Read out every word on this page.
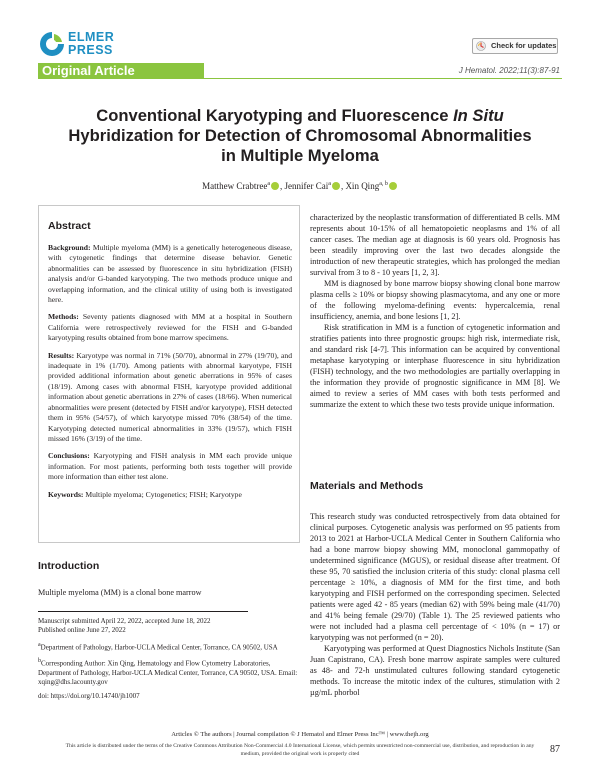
ELMER
PRESS	Check for updates
Original Article	J Hematol. 2022;11(3):87-91
Conventional Karyotyping and Fluorescence In Situ
Hybridization for Detection of Chromosomal Abnormalities in Multiple Myeloma
Matthew Crabtree$^a$ , Jennifer Cai$^a$ , Xin Qing$^{a, b}$
Abstract

Background: Multiple myeloma (MM) is a genetically heterogeneous disease, with cytogenetic findings that determine disease behavior. Genetic abnormalities can be assessed by fluorescence in situ hybridization (FISH) analysis and/or G-banded karyotyping. The two methods produce unique and overlapping information, and the clinical utility of using both is investigated here.

Methods: Seventy patients diagnosed with MM at a hospital in Southern California were retrospectively reviewed for the FISH and G-banded karyotyping results obtained from bone marrow specimens.

Results: Karyotype was normal in 71% (50/70), abnormal in 27% (19/70), and inadequate in 1% (1/70). Among patients with abnormal karyotype, FISH provided additional information about genetic aberrations in 95% of cases (18/19). Among cases with abnormal FISH, karyotype provided additional information about genetic aberrations in 27% of cases (18/66). When numerical abnormalities were present (detected by FISH and/or karyotype), FISH detected them in 95% (54/57), of which karyotype missed 70% (38/54) of the time. Karyotyping detected numerical abnormalities in 33% (19/57), which FISH missed 16% (3/19) of the time.

Conclusions: Karyotyping and FISH analysis in MM each provide unique information. For most patients, performing both tests together will provide more information than either test alone.

Keywords: Multiple myeloma; Cytogenetics; FISH; Karyotype

Introduction
Multiple myeloma (MM) is a clonal bone marrow

Manuscript submitted April 22, 2022, accepted June 18, 2022
Published online June 27, 2022

aDepartment of Pathology, Harbor-UCLA Medical Center, Torrance, CA 90502, USA

bCorresponding Author: Xin Qing, Hematology and Flow Cytometry Laboratories, Department of Pathology, Harbor-UCLA Medical Center, Torrance, CA 90502, USA. Email: xqing@dhs.lacounty.gov

doi: https://doi.org/10.14740/jh1007

characterized by the neoplastic transformation of differentiated B cells. MM represents about 10-15% of all hematopoietic neoplasms and 1% of all cancer cases. The median age at diagnosis is 60 years old. Prognosis has been steadily improving over the last two decades alongside the introduction of new therapeutic strategies, which has prolonged the median survival from 3 to 8 - 10 years [1, 2, 3].

MM is diagnosed by bone marrow biopsy showing clonal bone marrow plasma cells ≥ 10% or biopsy showing plasmacytoma, and any one or more of the following myeloma-defining events: hypercalcemia, renal insufficiency, anemia, and bone lesions [1, 2].

Risk stratification in MM is a function of cytogenetic information and stratifies patients into three prognostic groups: high risk, intermediate risk, and standard risk [4-7]. This information can be acquired by conventional metaphase karyotyping or interphase fluorescence in situ hybridization (FISH) technology, and the two methodologies are partially overlapping in the information they provide of prognostic significance in MM [8]. We aimed to review a series of MM cases with both tests performed and summarize the extent to which these two tests provide unique information.

Materials and Methods

This research study was conducted retrospectively from data obtained for clinical purposes. Cytogenetic analysis was performed on 95 patients from 2013 to 2021 at Harbor-UCLA Medical Center in Southern California who had a bone marrow biopsy showing MM, monoclonal gammopathy of undetermined significance (MGUS), or residual disease after treatment. Of these 95, 70 satisfied the inclusion criteria of this study: clonal plasma cell percentage ≥ 10%, a diagnosis of MM for the first time, and both karyotyping and FISH performed on the corresponding specimen. Selected patients were aged 42 - 85 years (median 62) with 59% being male (41/70) and 41% being female (29/70) (Table 1). The 25 reviewed patients who were not included had a plasma cell percentage of < 10% (n = 17) or karyotyping was not performed (n = 20).

Karyotyping was performed at Quest Diagnostics Nichols Institute (San Juan Capistrano, CA). Fresh bone marrow aspirate samples were cultured as 48- and 72-h unstimulated cultures following standard cytogenetic methods. To increase the mitotic index of the cultures, stimulation with 2 µg/mL phorbol

Articles © The authors | Journal compilation © J Hematol and Elmer Press Inc™ | www.thejh.org
This article is distributed under the terms of the Creative Commons Attribution Non-Commercial 4.0 International License, which permits unrestricted non-commercial use, distribution, and reproduction in any medium, provided the original work is properly cited	87
